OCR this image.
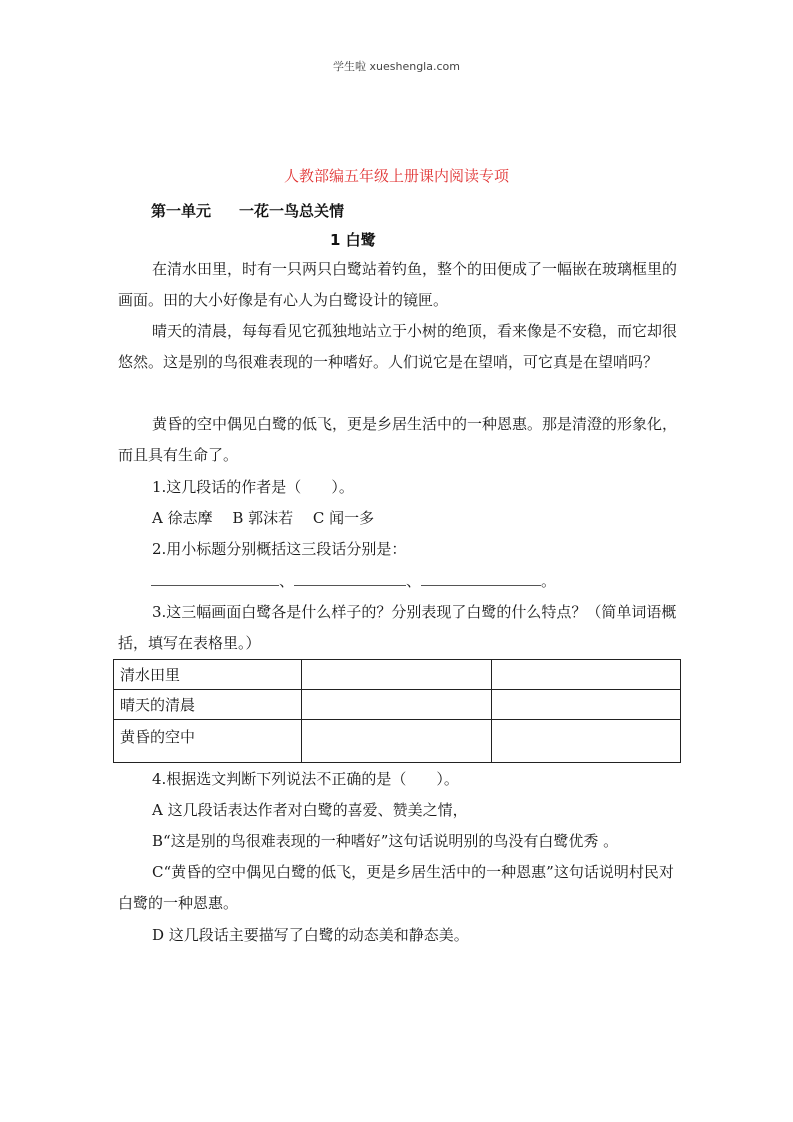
学生啦 xueshengla.com
人教部编五年级上册课内阅读专项
第一单元 一花一鸟总关情
1 白鹭

在清水田里，时有一只两只白鹭站着钓鱼，整个的田便成了一幅嵌在玻璃框里的画面。田的大小好像是有心人为白鹭设计的镜匣。

晴天的清晨，每每看见它孤独地站立于小树的绝顶，看来像是不安稳，而它却很悠然。这是别的鸟很难表现的一种嗜好。人们说它是在望哨，可它真是在望哨吗？

黄昏的空中偶见白鹭的低飞，更是乡居生活中的一种恩惠。那是清澄的形象化，而且具有生命了。

1.这几段话的作者是（　　）。

A 徐志摩　 B 郭沫若　 C 闻一多

2.用小标题分别概括这三段话分别是：

、	、	。

3.这三幅画面白鹭各是什么样子的？分别表现了白鹭的什么特点？（简单词语概括，填写在表格里。）

清水田里		
晴天的清晨		
黄昏的空中		

4.根据选文判断下列说法不正确的是（　　）。

A 这几段话表达作者对白鹭的喜爱、赞美之情，

B“这是别的鸟很难表现的一种嗜好”这句话说明别的鸟没有白鹭优秀 。

C“黄昏的空中偶见白鹭的低飞，更是乡居生活中的一种恩惠”这句话说明村民对白鹭的一种恩惠。

D 这几段话主要描写了白鹭的动态美和静态美。
